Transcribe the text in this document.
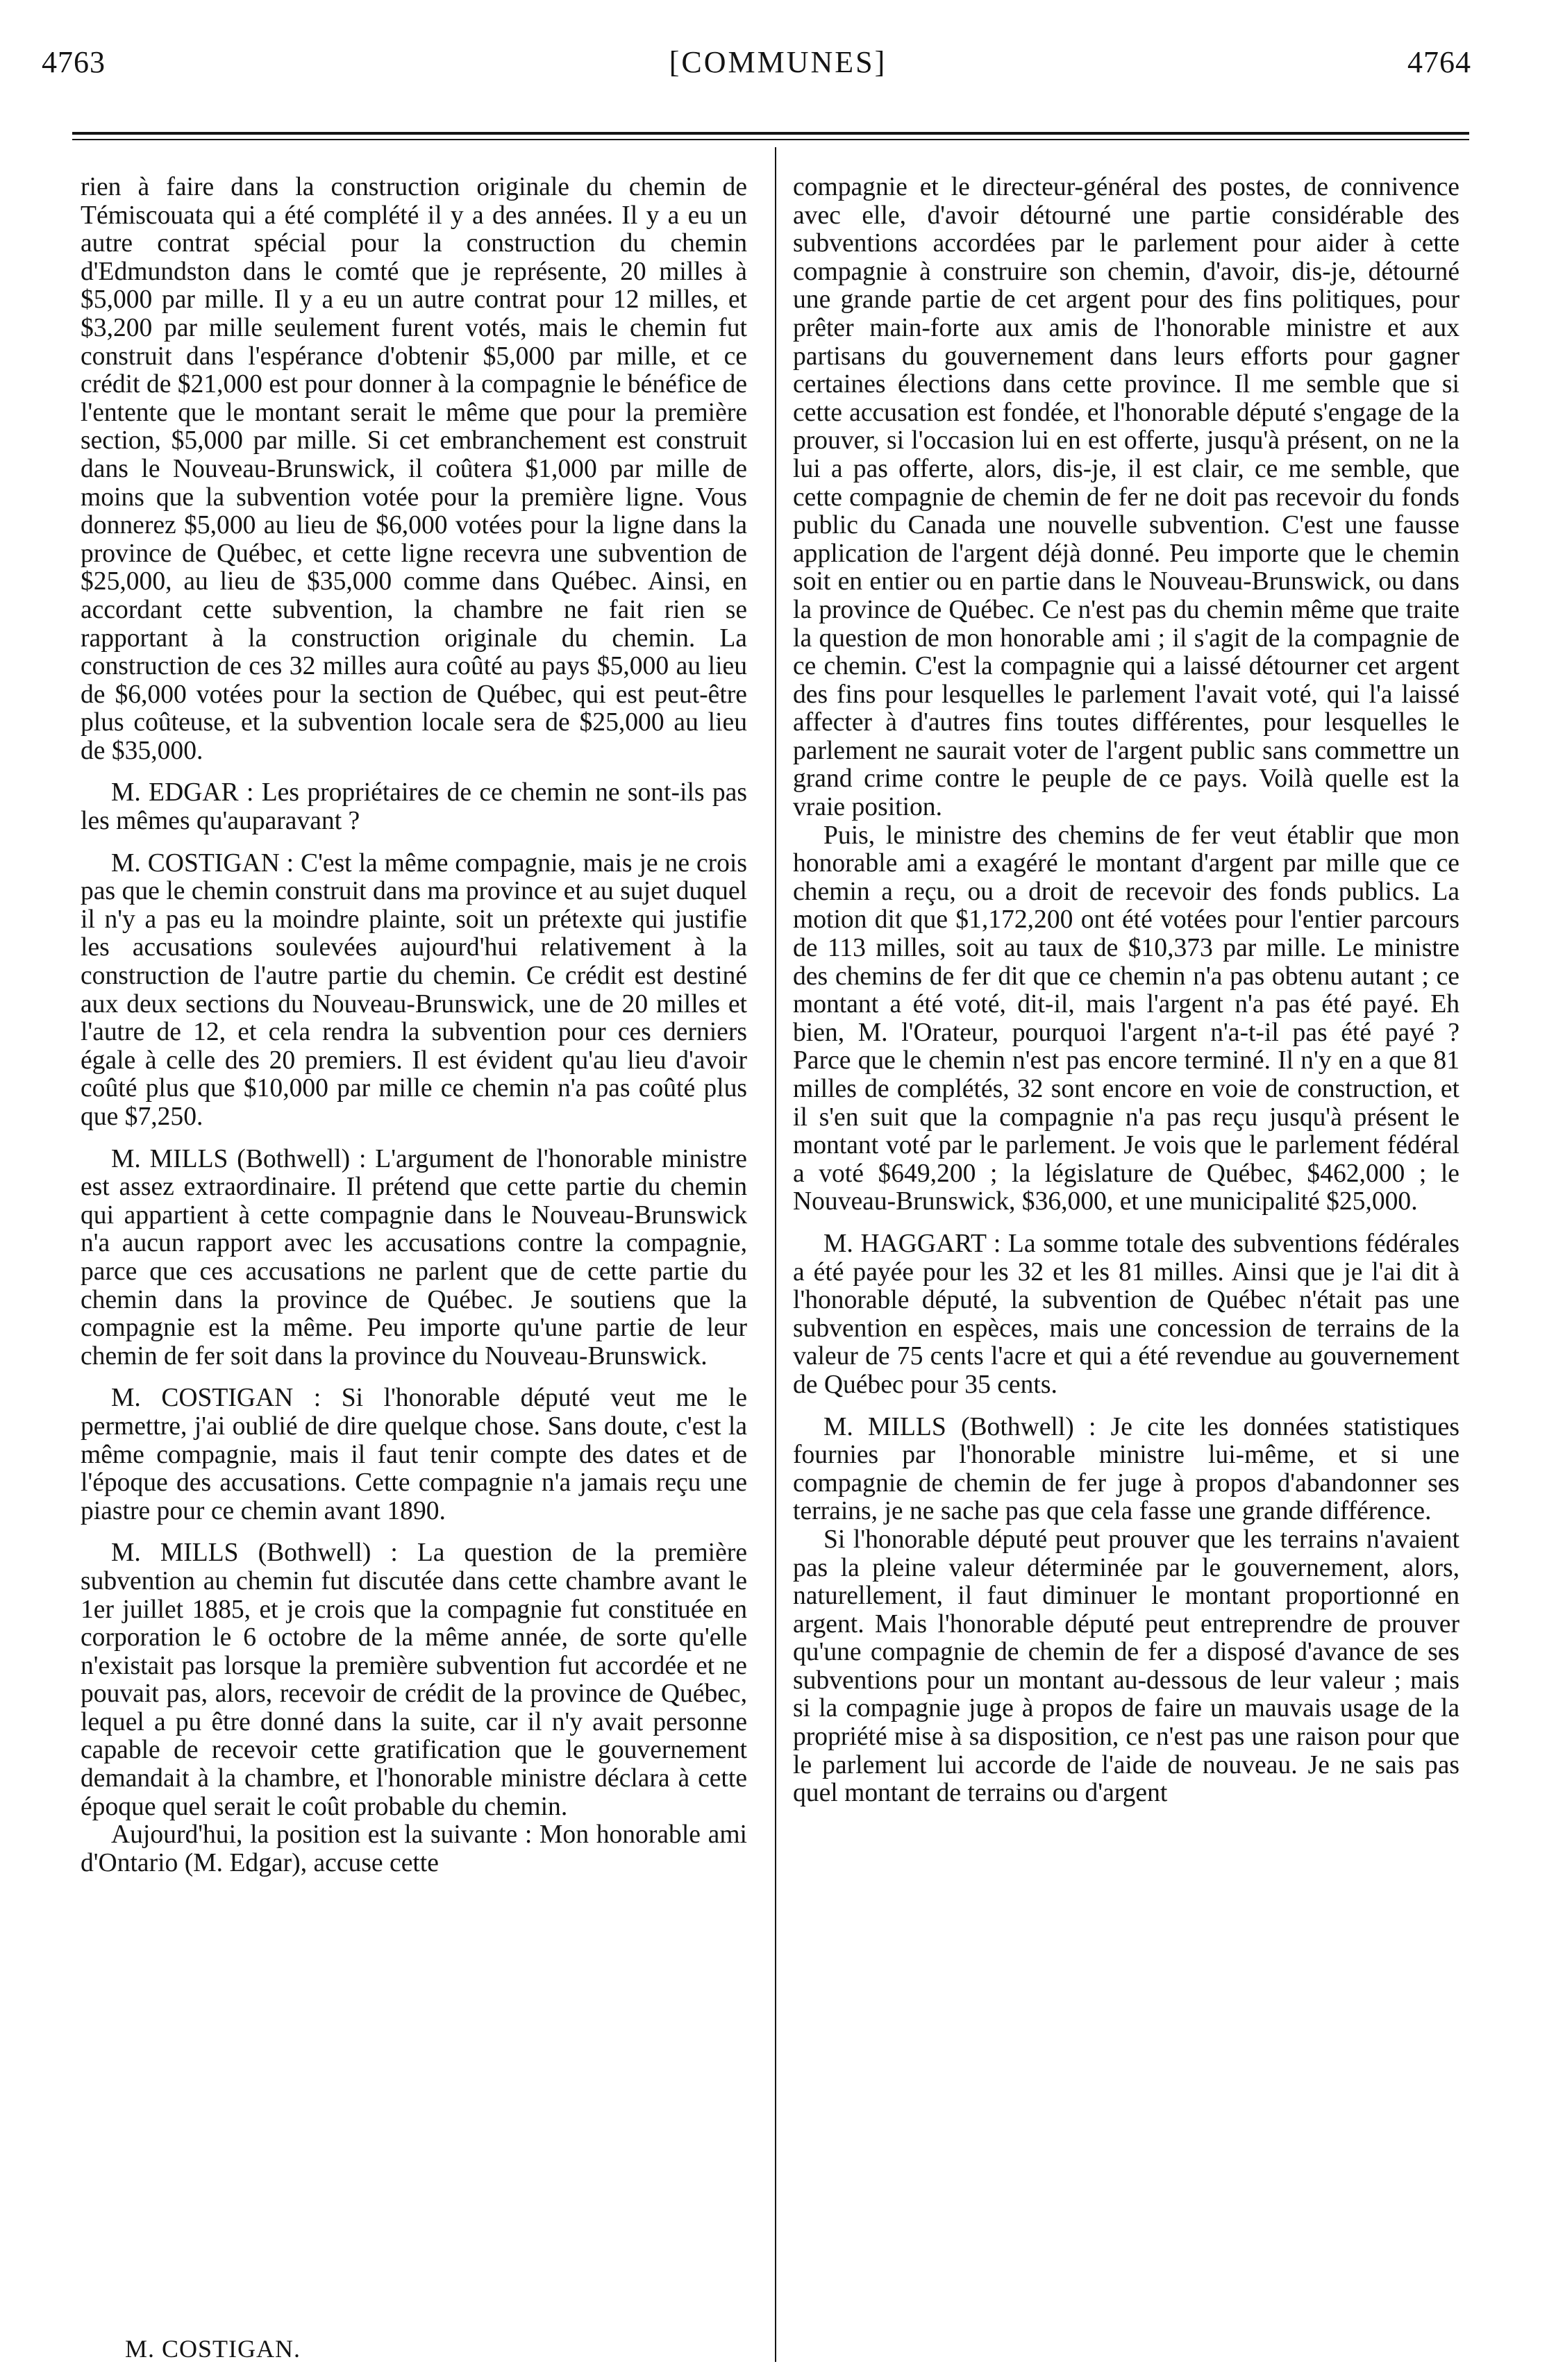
4763	[COMMUNES]	4764

rien à faire dans la construction originale du chemin de Témiscouata qui a été complété il y a des années. Il y a eu un autre contrat spécial pour la construction du chemin d'Edmundston dans le comté que je représente, 20 milles à $5,000 par mille. Il y a eu un autre contrat pour 12 milles, et $3,200 par mille seulement furent votés, mais le chemin fut construit dans l'espérance d'obtenir $5,000 par mille, et ce crédit de $21,000 est pour donner à la compagnie le bénéfice de l'entente que le montant serait le même que pour la première section, $5,000 par mille. Si cet embranchement est construit dans le Nouveau-Brunswick, il coûtera $1,000 par mille de moins que la subvention votée pour la première ligne. Vous donnerez $5,000 au lieu de $6,000 votées pour la ligne dans la province de Québec, et cette ligne recevra une subvention de $25,000, au lieu de $35,000 comme dans Québec. Ainsi, en accordant cette subvention, la chambre ne fait rien se rapportant à la construction originale du chemin. La construction de ces 32 milles aura coûté au pays $5,000 au lieu de $6,000 votées pour la section de Québec, qui est peut-être plus coûteuse, et la subvention locale sera de $25,000 au lieu de $35,000.

M. EDGAR : Les propriétaires de ce chemin ne sont-ils pas les mêmes qu'auparavant ?

M. COSTIGAN : C'est la même compagnie, mais je ne crois pas que le chemin construit dans ma province et au sujet duquel il n'y a pas eu la moindre plainte, soit un prétexte qui justifie les accusations soulevées aujourd'hui relativement à la construction de l'autre partie du chemin. Ce crédit est destiné aux deux sections du Nouveau-Brunswick, une de 20 milles et l'autre de 12, et cela rendra la subvention pour ces derniers égale à celle des 20 premiers. Il est évident qu'au lieu d'avoir coûté plus que $10,000 par mille ce chemin n'a pas coûté plus que $7,250.

M. MILLS (Bothwell) : L'argument de l'honorable ministre est assez extraordinaire. Il prétend que cette partie du chemin qui appartient à cette compagnie dans le Nouveau-Brunswick n'a aucun rapport avec les accusations contre la compagnie, parce que ces accusations ne parlent que de cette partie du chemin dans la province de Québec. Je soutiens que la compagnie est la même. Peu importe qu'une partie de leur chemin de fer soit dans la province du Nouveau-Brunswick.

M. COSTIGAN : Si l'honorable député veut me le permettre, j'ai oublié de dire quelque chose. Sans doute, c'est la même compagnie, mais il faut tenir compte des dates et de l'époque des accusations. Cette compagnie n'a jamais reçu une piastre pour ce chemin avant 1890.

M. MILLS (Bothwell) : La question de la première subvention au chemin fut discutée dans cette chambre avant le 1er juillet 1885, et je crois que la compagnie fut constituée en corporation le 6 octobre de la même année, de sorte qu'elle n'existait pas lorsque la première subvention fut accordée et ne pouvait pas, alors, recevoir de crédit de la province de Québec, lequel a pu être donné dans la suite, car il n'y avait personne capable de recevoir cette gratification que le gouvernement demandait à la chambre, et l'honorable ministre déclara à cette époque quel serait le coût probable du chemin.

Aujourd'hui, la position est la suivante : Mon honorable ami d'Ontario (M. Edgar), accuse cette

compagnie et le directeur-général des postes, de connivence avec elle, d'avoir détourné une partie considérable des subventions accordées par le parlement pour aider à cette compagnie à construire son chemin, d'avoir, dis-je, détourné une grande partie de cet argent pour des fins politiques, pour prêter main-forte aux amis de l'honorable ministre et aux partisans du gouvernement dans leurs efforts pour gagner certaines élections dans cette province. Il me semble que si cette accusation est fondée, et l'honorable député s'engage de la prouver, si l'occasion lui en est offerte, jusqu'à présent, on ne la lui a pas offerte, alors, dis-je, il est clair, ce me semble, que cette compagnie de chemin de fer ne doit pas recevoir du fonds public du Canada une nouvelle subvention. C'est une fausse application de l'argent déjà donné. Peu importe que le chemin soit en entier ou en partie dans le Nouveau-Brunswick, ou dans la province de Québec. Ce n'est pas du chemin même que traite la question de mon honorable ami ; il s'agit de la compagnie de ce chemin. C'est la compagnie qui a laissé détourner cet argent des fins pour lesquelles le parlement l'avait voté, qui l'a laissé affecter à d'autres fins toutes différentes, pour lesquelles le parlement ne saurait voter de l'argent public sans commettre un grand crime contre le peuple de ce pays. Voilà quelle est la vraie position.

Puis, le ministre des chemins de fer veut établir que mon honorable ami a exagéré le montant d'argent par mille que ce chemin a reçu, ou a droit de recevoir des fonds publics. La motion dit que $1,172,200 ont été votées pour l'entier parcours de 113 milles, soit au taux de $10,373 par mille. Le ministre des chemins de fer dit que ce chemin n'a pas obtenu autant ; ce montant a été voté, dit-il, mais l'argent n'a pas été payé. Eh bien, M. l'Orateur, pourquoi l'argent n'a-t-il pas été payé ? Parce que le chemin n'est pas encore terminé. Il n'y en a que 81 milles de complétés, 32 sont encore en voie de construction, et il s'en suit que la compagnie n'a pas reçu jusqu'à présent le montant voté par le parlement. Je vois que le parlement fédéral a voté $649,200 ; la législature de Québec, $462,000 ; le Nouveau-Brunswick, $36,000, et une municipalité $25,000.

M. HAGGART : La somme totale des subventions fédérales a été payée pour les 32 et les 81 milles. Ainsi que je l'ai dit à l'honorable député, la subvention de Québec n'était pas une subvention en espèces, mais une concession de terrains de la valeur de 75 cents l'acre et qui a été revendue au gouvernement de Québec pour 35 cents.

M. MILLS (Bothwell) : Je cite les données statistiques fournies par l'honorable ministre lui-même, et si une compagnie de chemin de fer juge à propos d'abandonner ses terrains, je ne sache pas que cela fasse une grande différence.

Si l'honorable député peut prouver que les terrains n'avaient pas la pleine valeur déterminée par le gouvernement, alors, naturellement, il faut diminuer le montant proportionné en argent. Mais l'honorable député peut entreprendre de prouver qu'une compagnie de chemin de fer a disposé d'avance de ses subventions pour un montant au-dessous de leur valeur ; mais si la compagnie juge à propos de faire un mauvais usage de la propriété mise à sa disposition, ce n'est pas une raison pour que le parlement lui accorde de l'aide de nouveau. Je ne sais pas quel montant de terrains ou d'argent

M. COSTIGAN.
